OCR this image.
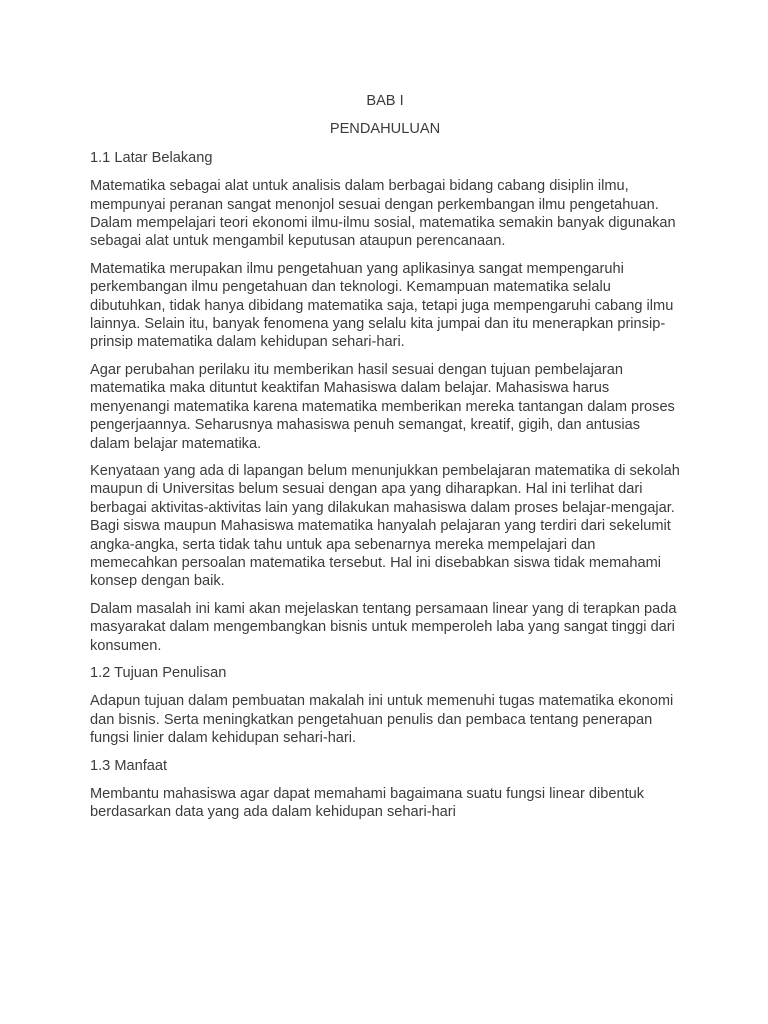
BAB I

PENDAHULUAN

1.1 Latar Belakang

Matematika sebagai alat untuk analisis dalam berbagai bidang cabang disiplin ilmu, mempunyai peranan sangat menonjol sesuai dengan perkembangan ilmu pengetahuan. Dalam mempelajari teori ekonomi ilmu-ilmu sosial, matematika semakin banyak digunakan sebagai alat untuk mengambil keputusan ataupun perencanaan.

Matematika merupakan ilmu pengetahuan yang aplikasinya sangat mempengaruhi perkembangan ilmu pengetahuan dan teknologi. Kemampuan matematika selalu dibutuhkan, tidak hanya dibidang matematika saja, tetapi juga mempengaruhi cabang ilmu lainnya. Selain itu, banyak fenomena yang selalu kita jumpai dan itu menerapkan prinsip-prinsip matematika dalam kehidupan sehari-hari.

Agar perubahan perilaku itu memberikan hasil sesuai dengan tujuan pembelajaran matematika maka dituntut keaktifan Mahasiswa dalam belajar. Mahasiswa harus menyenangi matematika karena matematika memberikan mereka tantangan dalam proses pengerjaannya. Seharusnya mahasiswa penuh semangat, kreatif, gigih, dan antusias dalam belajar matematika.

Kenyataan yang ada di lapangan belum menunjukkan pembelajaran matematika di sekolah maupun di Universitas belum sesuai dengan apa yang diharapkan. Hal ini terlihat dari berbagai aktivitas-aktivitas lain yang dilakukan mahasiswa dalam proses belajar-mengajar. Bagi siswa maupun Mahasiswa matematika hanyalah pelajaran yang terdiri dari sekelumit angka-angka, serta tidak tahu untuk apa sebenarnya mereka mempelajari dan memecahkan persoalan matematika tersebut. Hal ini disebabkan siswa tidak memahami konsep dengan baik.

Dalam masalah ini kami akan mejelaskan tentang persamaan linear yang di terapkan pada masyarakat dalam mengembangkan bisnis untuk memperoleh laba yang sangat tinggi dari konsumen.

1.2 Tujuan Penulisan

Adapun tujuan dalam pembuatan makalah ini untuk memenuhi tugas matematika ekonomi dan bisnis. Serta meningkatkan pengetahuan penulis dan pembaca tentang penerapan fungsi linier dalam kehidupan sehari-hari.

1.3 Manfaat

Membantu mahasiswa agar dapat memahami bagaimana suatu fungsi linear dibentuk berdasarkan data yang ada dalam kehidupan sehari-hari
